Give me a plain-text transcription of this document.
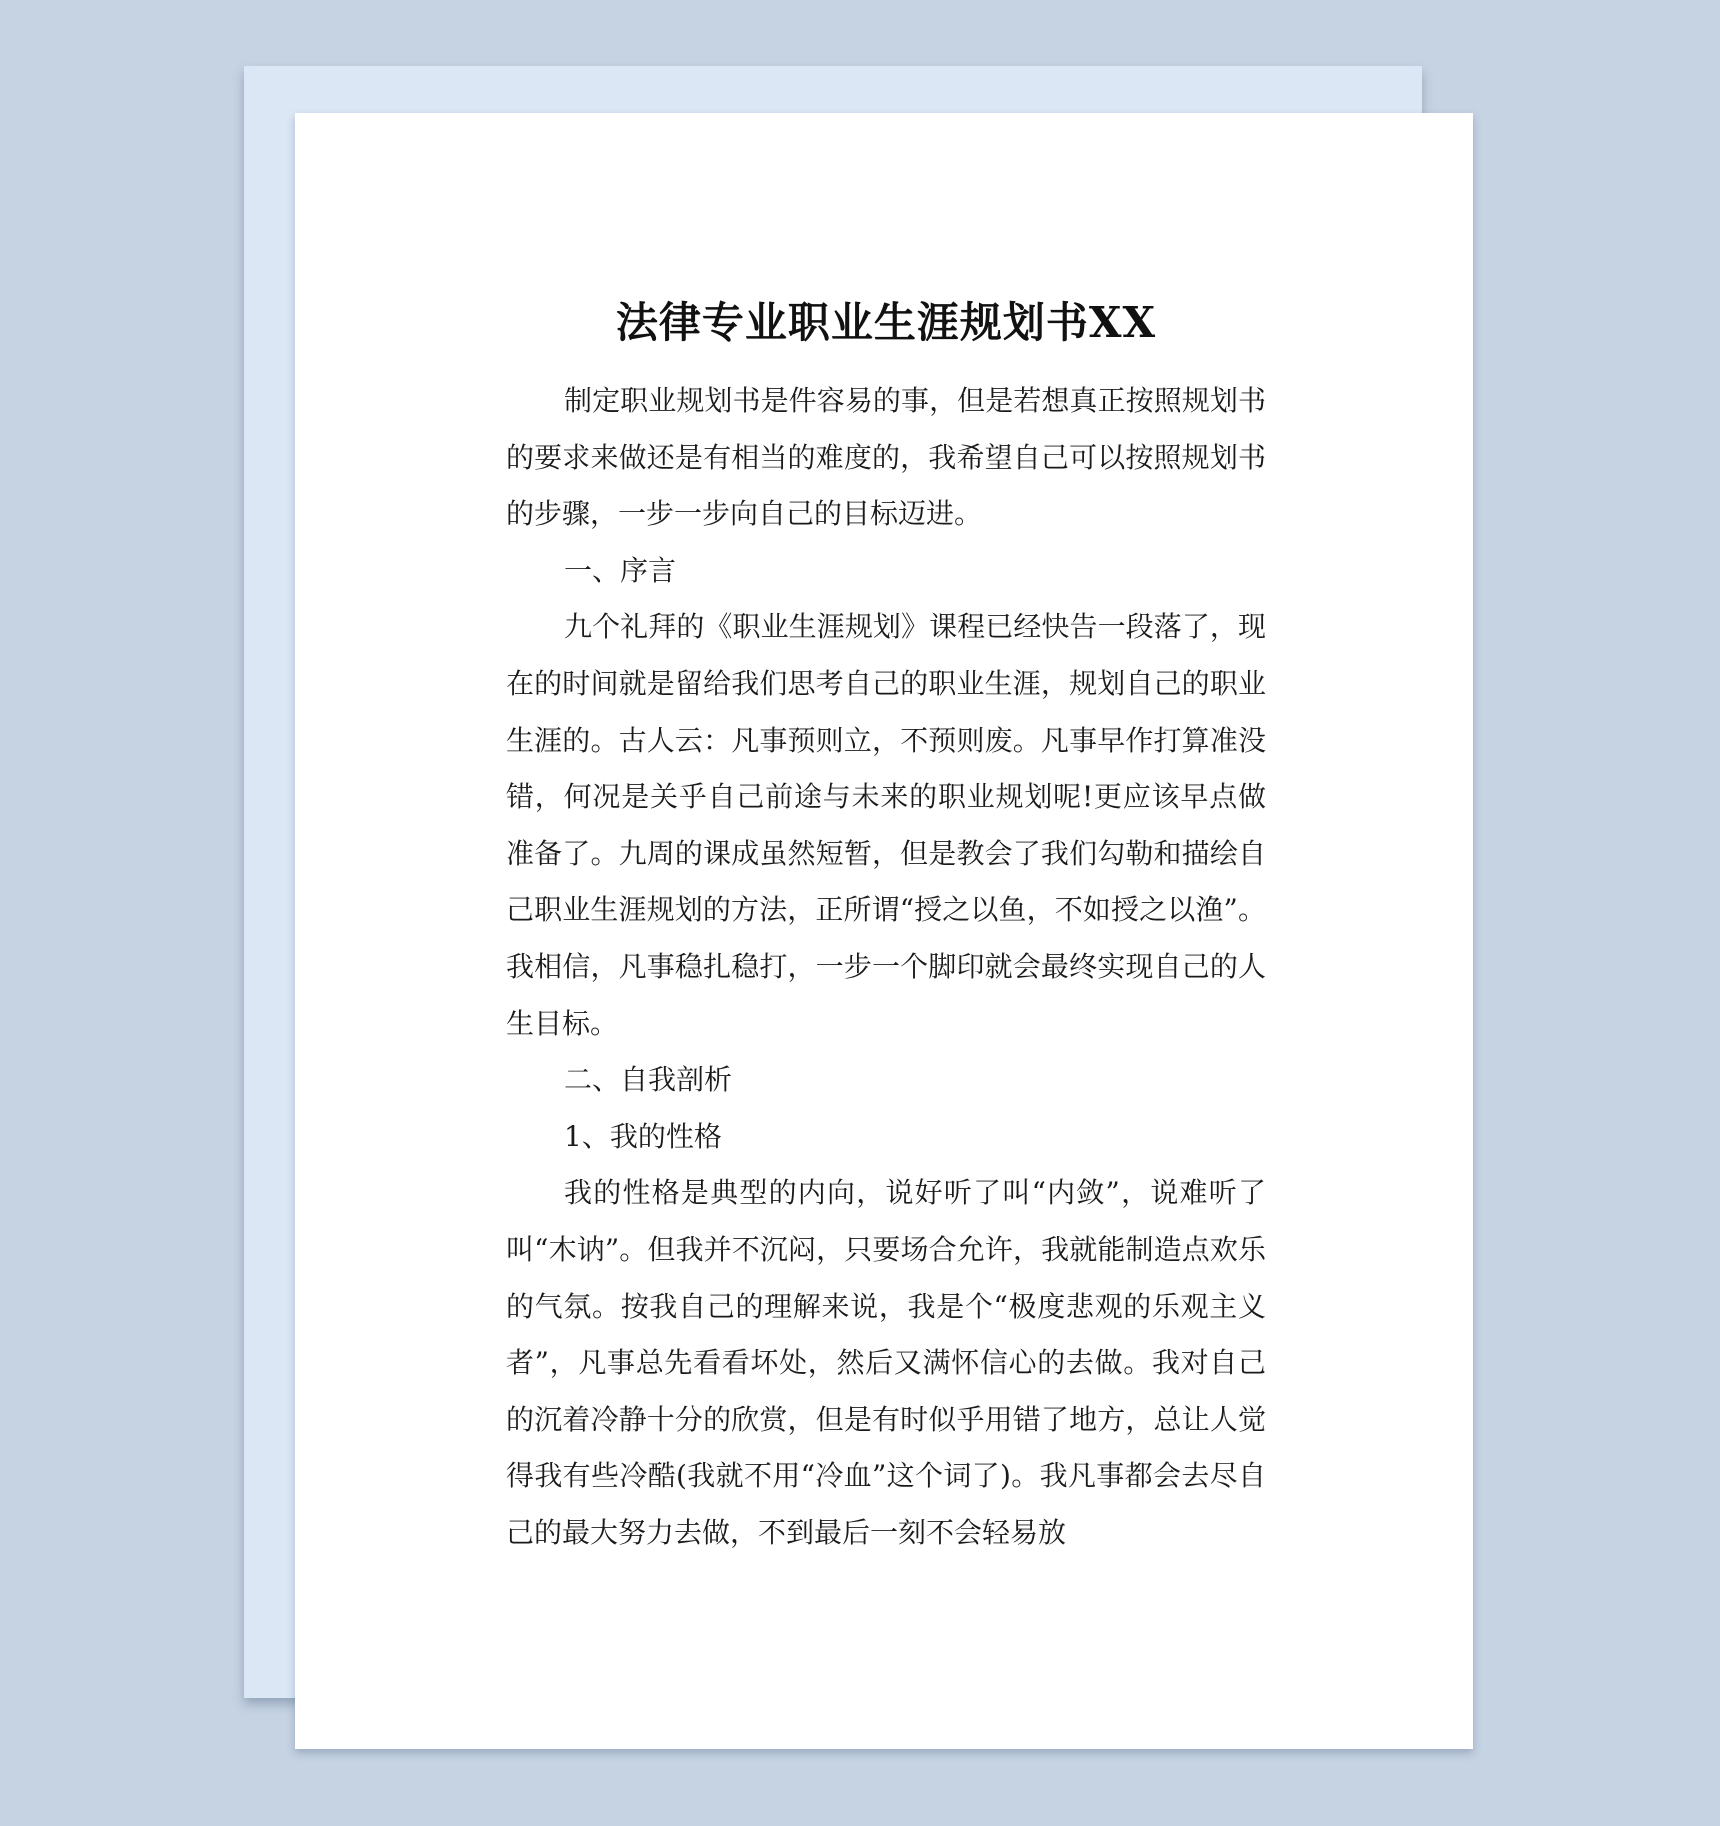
法律专业职业生涯规划书XX

制定职业规划书是件容易的事，但是若想真正按照规划书的要求来做还是有相当的难度的，我希望自己可以按照规划书的步骤，一步一步向自己的目标迈进。

一、序言

九个礼拜的《职业生涯规划》课程已经快告一段落了，现在的时间就是留给我们思考自己的职业生涯，规划自己的职业生涯的。古人云：凡事预则立，不预则废。凡事早作打算准没错，何况是关乎自己前途与未来的职业规划呢!更应该早点做准备了。九周的课成虽然短暂，但是教会了我们勾勒和描绘自己职业生涯规划的方法，正所谓“授之以鱼，不如授之以渔”。我相信，凡事稳扎稳打，一步一个脚印就会最终实现自己的人生目标。

二、自我剖析

1、我的性格

我的性格是典型的内向，说好听了叫“内敛”，说难听了叫“木讷”。但我并不沉闷，只要场合允许，我就能制造点欢乐的气氛。按我自己的理解来说，我是个“极度悲观的乐观主义者”，凡事总先看看坏处，然后又满怀信心的去做。我对自己的沉着冷静十分的欣赏，但是有时似乎用错了地方，总让人觉得我有些冷酷(我就不用“冷血”这个词了)。我凡事都会去尽自己的最大努力去做，不到最后一刻不会轻易放
